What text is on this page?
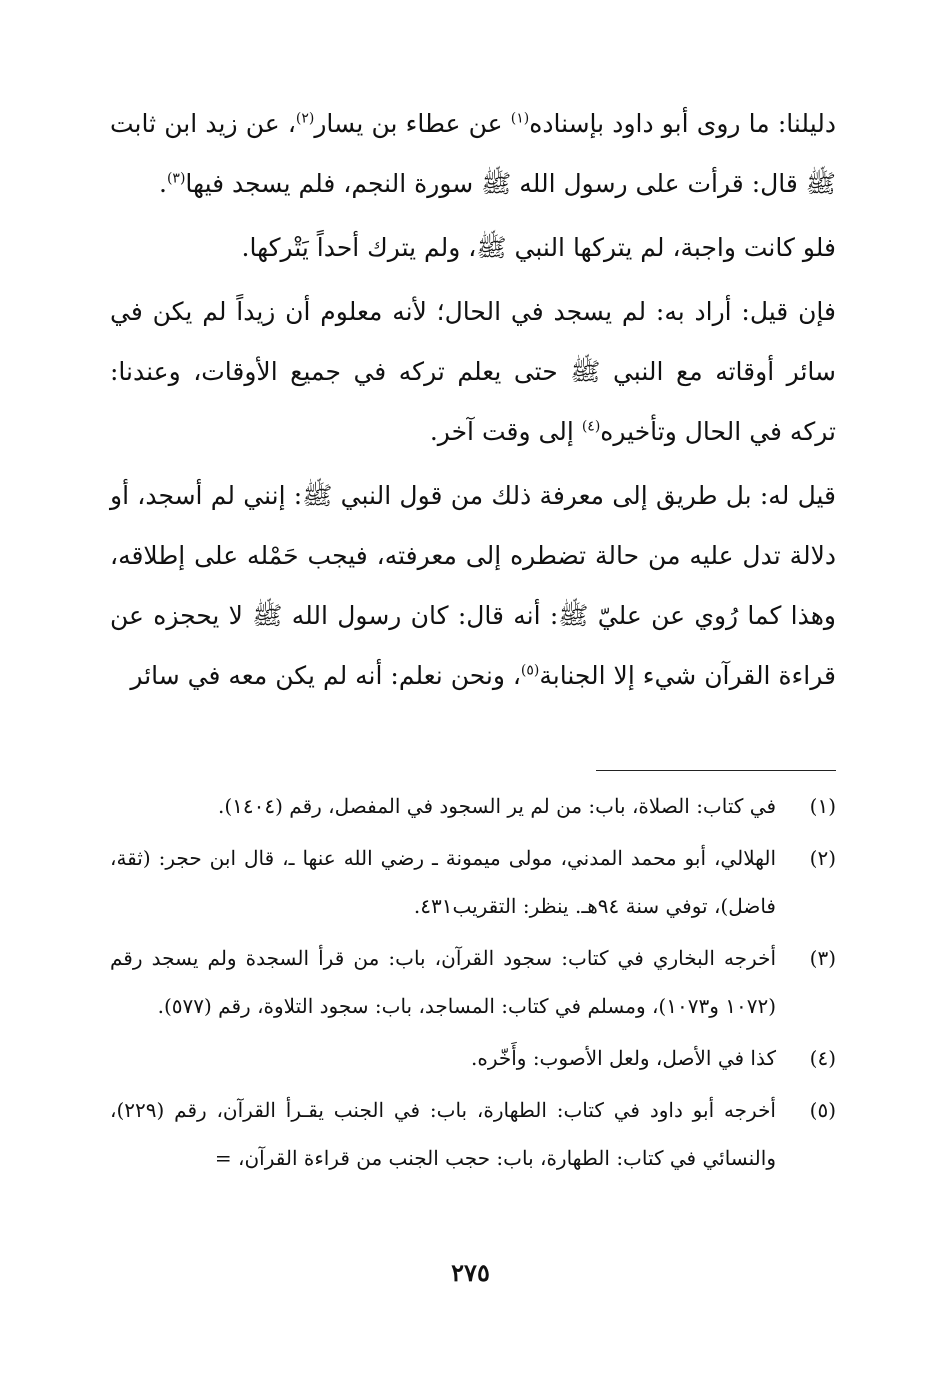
دليلنا: ما روى أبو داود بإسناده$^{(١)}$ عن عطاء بن يسار$^{(٢)}$، عن زيد ابن ثابت ﷺ قال: قرأت على رسول الله ﷺ سورة النجم، فلم يسجد فيها$^{(٣)}$.

فلو كانت واجبة، لم يتركها النبي ﷺ، ولم يترك أحداً يَتْركها.

فإن قيل: أراد به: لم يسجد في الحال؛ لأنه معلوم أن زيداً لم يكن في سائر أوقاته مع النبي ﷺ حتى يعلم تركه في جميع الأوقات، وعندنا: تركه في الحال وتأخيره$^{(٤)}$ إلى وقت آخر.

قيل له: بل طريق إلى معرفة ذلك من قول النبي ﷺ: إنني لم أسجد، أو دلالة تدل عليه من حالة تضطره إلى معرفته، فيجب حَمْله على إطلاقه، وهذا كما رُوي عن عليّ ﷺ: أنه قال: كان رسول الله ﷺ لا يحجزه عن قراءة القرآن شيء إلا الجنابة$^{(٥)}$، ونحن نعلم: أنه لم يكن معه في سائر

(١)
في كتاب: الصلاة، باب: من لم ير السجود في المفصل، رقم (١٤٠٤).
(٢)
الهلالي، أبو محمد المدني، مولى ميمونة ـ رضي الله عنها ـ، قال ابن حجر: (ثقة، فاضل)، توفي سنة ٩٤هـ. ينظر: التقريب٤٣١.
(٣)
أخرجه البخاري في كتاب: سجود القرآن، باب: من قرأ السجدة ولم يسجد رقم (١٠٧٢ و١٠٧٣)، ومسلم في كتاب: المساجد، باب: سجود التلاوة، رقم (٥٧٧).
(٤)
كذا في الأصل، ولعل الأصوب: وأَخّره.
(٥)
أخرجه أبو داود في كتاب: الطهارة، باب: في الجنب يقـرأ القرآن، رقم (٢٢٩)، والنسائي في كتاب: الطهارة، باب: حجب الجنب من قراءة القرآن، =
٢٧٥
